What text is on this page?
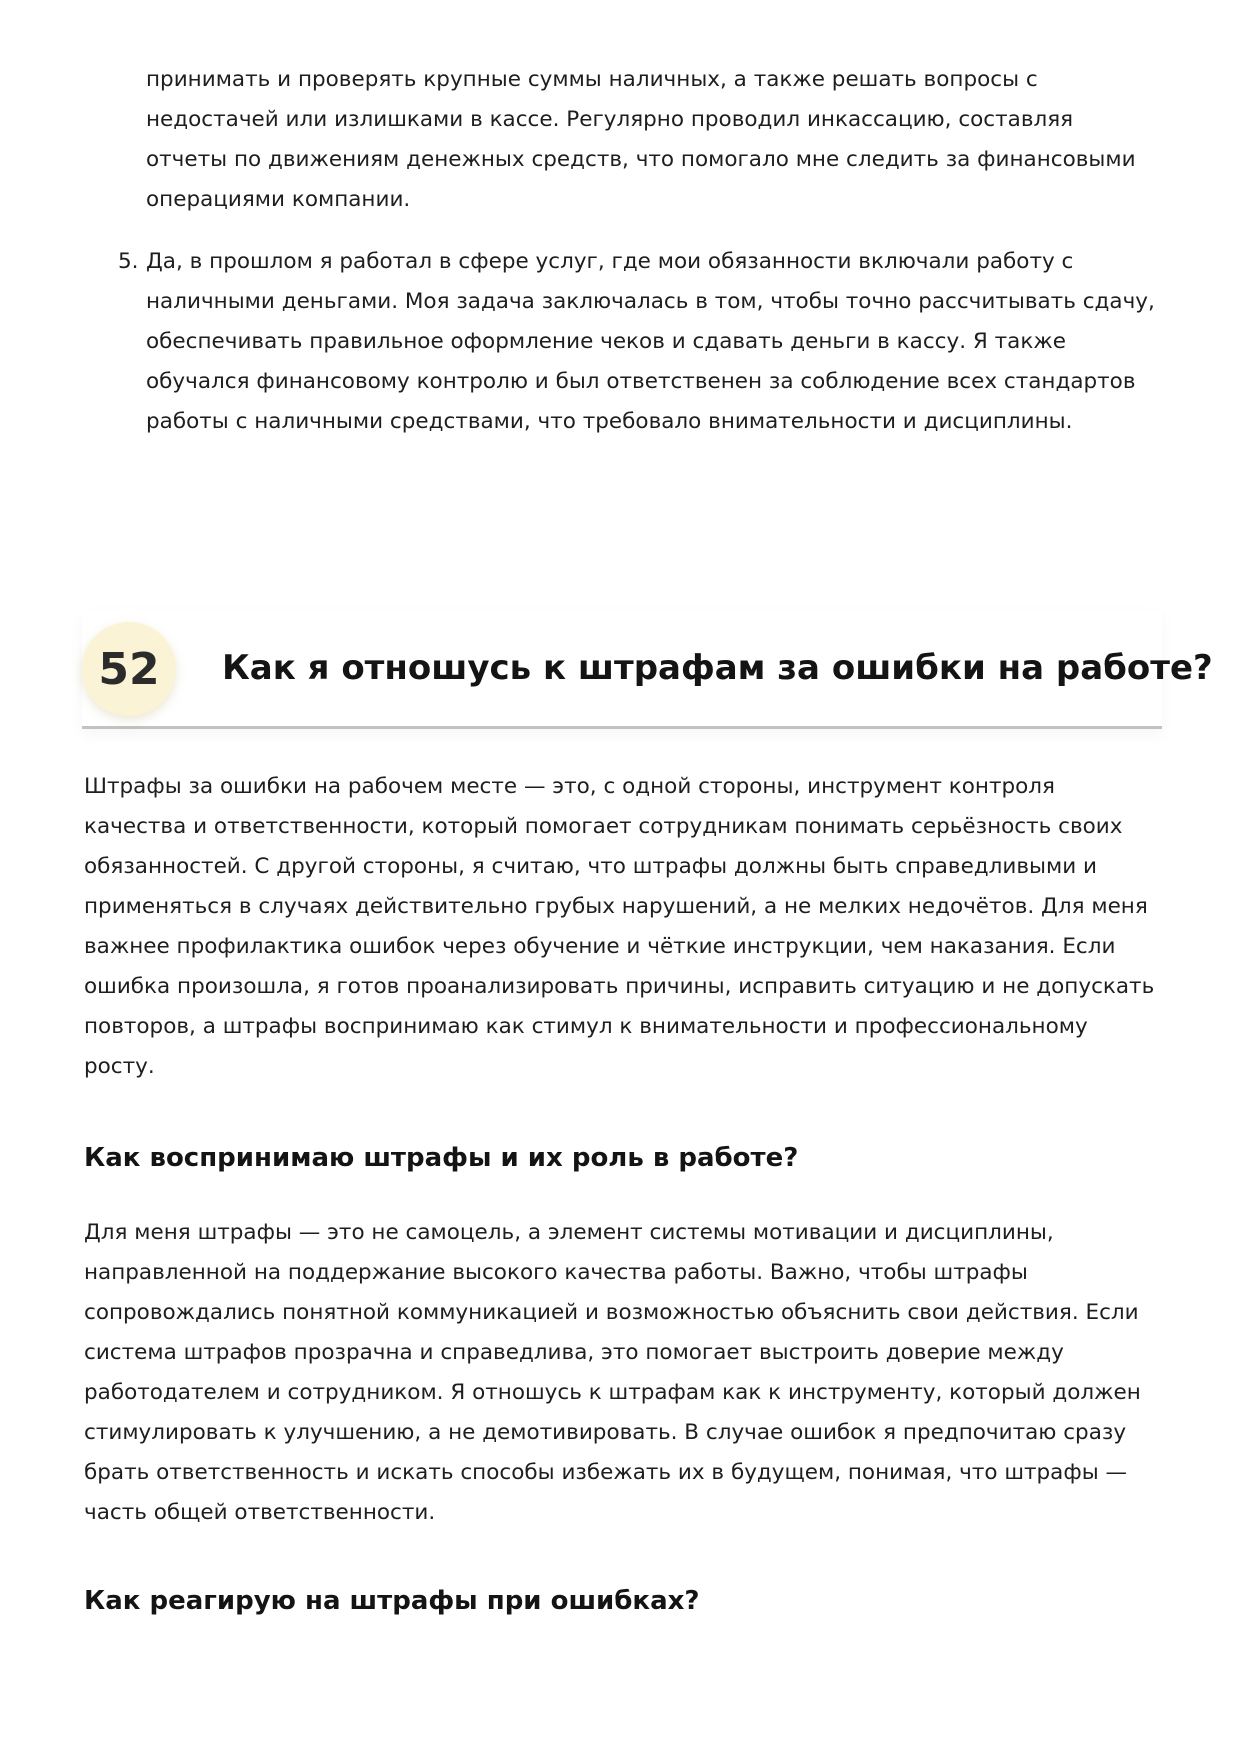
принимать и проверять крупные суммы наличных, а также решать вопросы с недостачей или излишками в кассе. Регулярно проводил инкассацию, составляя отчеты по движениям денежных средств, что помогало мне следить за финансовыми операциями компании.
5. Да, в прошлом я работал в сфере услуг, где мои обязанности включали работу с наличными деньгами. Моя задача заключалась в том, чтобы точно рассчитывать сдачу, обеспечивать правильное оформление чеков и сдавать деньги в кассу. Я также обучался финансовому контролю и был ответственен за соблюдение всех стандартов работы с наличными средствами, что требовало внимательности и дисциплины.
52	Как я отношусь к штрафам за ошибки на работе?
Штрафы за ошибки на рабочем месте — это, с одной стороны, инструмент контроля качества и ответственности, который помогает сотрудникам понимать серьёзность своих обязанностей. С другой стороны, я считаю, что штрафы должны быть справедливыми и применяться в случаях действительно грубых нарушений, а не мелких недочётов. Для меня важнее профилактика ошибок через обучение и чёткие инструкции, чем наказания. Если ошибка произошла, я готов проанализировать причины, исправить ситуацию и не допускать повторов, а штрафы воспринимаю как стимул к внимательности и профессиональному росту.
Как воспринимаю штрафы и их роль в работе?
Для меня штрафы — это не самоцель, а элемент системы мотивации и дисциплины, направленной на поддержание высокого качества работы. Важно, чтобы штрафы сопровождались понятной коммуникацией и возможностью объяснить свои действия. Если система штрафов прозрачна и справедлива, это помогает выстроить доверие между работодателем и сотрудником. Я отношусь к штрафам как к инструменту, который должен стимулировать к улучшению, а не демотивировать. В случае ошибок я предпочитаю сразу брать ответственность и искать способы избежать их в будущем, понимая, что штрафы — часть общей ответственности.
Как реагирую на штрафы при ошибках?
